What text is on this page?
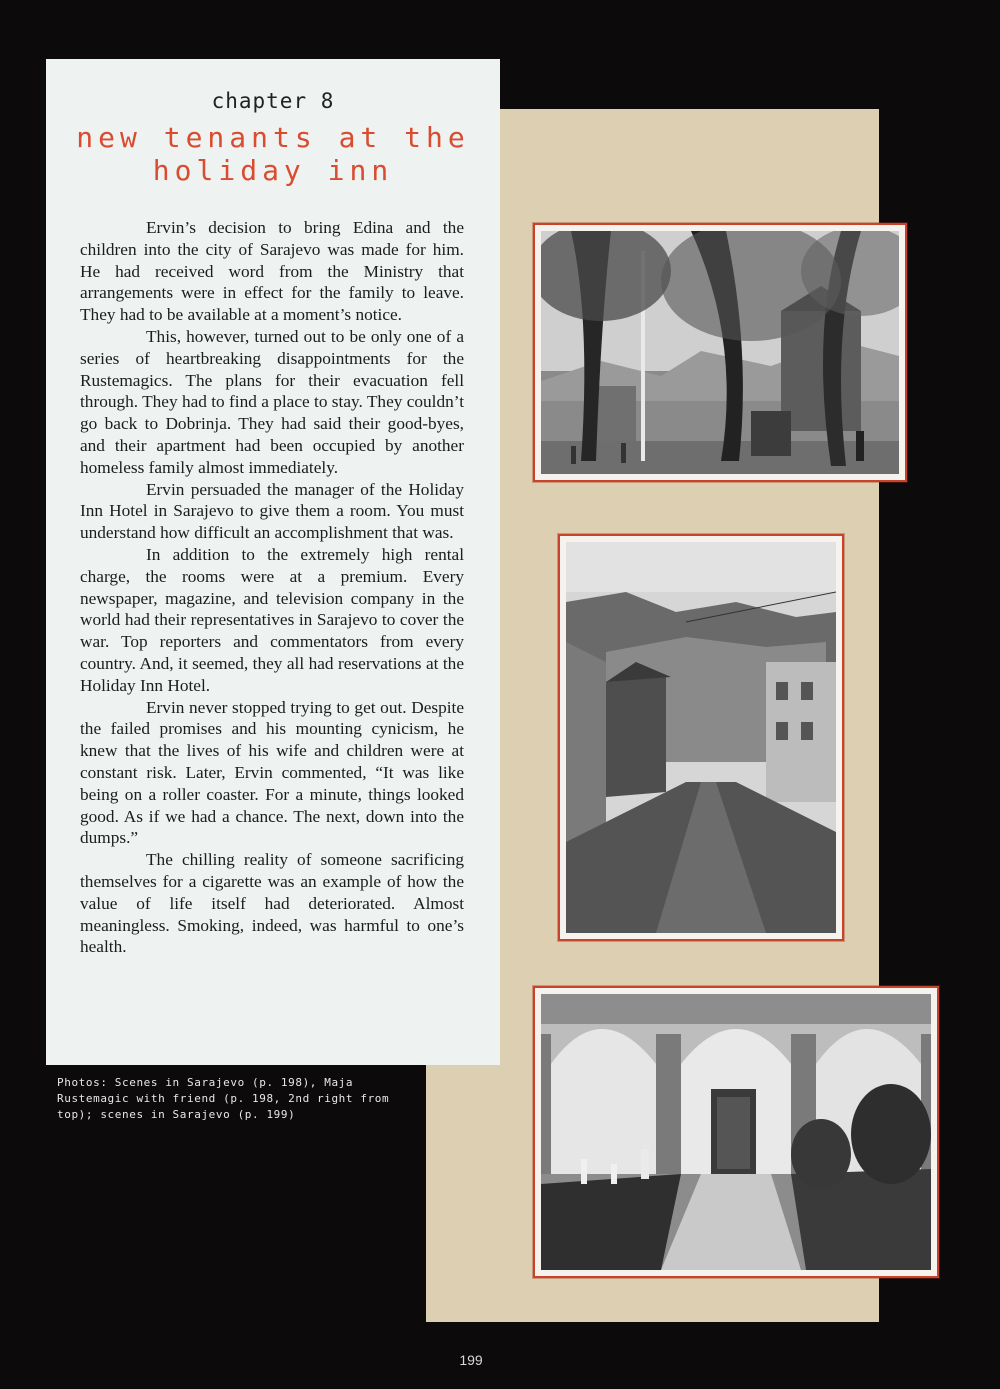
chapter 8
new tenants at the holiday inn

Ervin’s decision to bring Edina and the children into the city of Sarajevo was made for him. He had received word from the Ministry that arrangements were in effect for the family to leave. They had to be available at a moment’s notice.

This, however, turned out to be only one of a series of heartbreaking disappointments for the Rustemagics. The plans for their evacuation fell through. They had to find a place to stay. They couldn’t go back to Dobrinja. They had said their good-byes, and their apartment had been occupied by another homeless family almost immediately.

Ervin persuaded the manager of the Holiday Inn Hotel in Sarajevo to give them a room. You must understand how difficult an accomplishment that was.

In addition to the extremely high rental charge, the rooms were at a premium. Every newspaper, magazine, and television company in the world had their representatives in Sarajevo to cover the war. Top reporters and commentators from every country. And, it seemed, they all had reservations at the Holiday Inn Hotel.

Ervin never stopped trying to get out. Despite the failed promises and his mounting cynicism, he knew that the lives of his wife and children were at constant risk. Later, Ervin commented, “It was like being on a roller coaster. For a minute, things looked good. As if we had a chance. The next, down into the dumps.”

The chilling reality of someone sacrificing themselves for a cigarette was an example of how the value of life itself had deteriorated. Almost meaningless. Smoking, indeed, was harmful to one’s health.

Photos: Scenes in Sarajevo (p. 198), Maja Rustemagic with friend (p. 198, 2nd right from top); scenes in Sarajevo (p. 199)
199
